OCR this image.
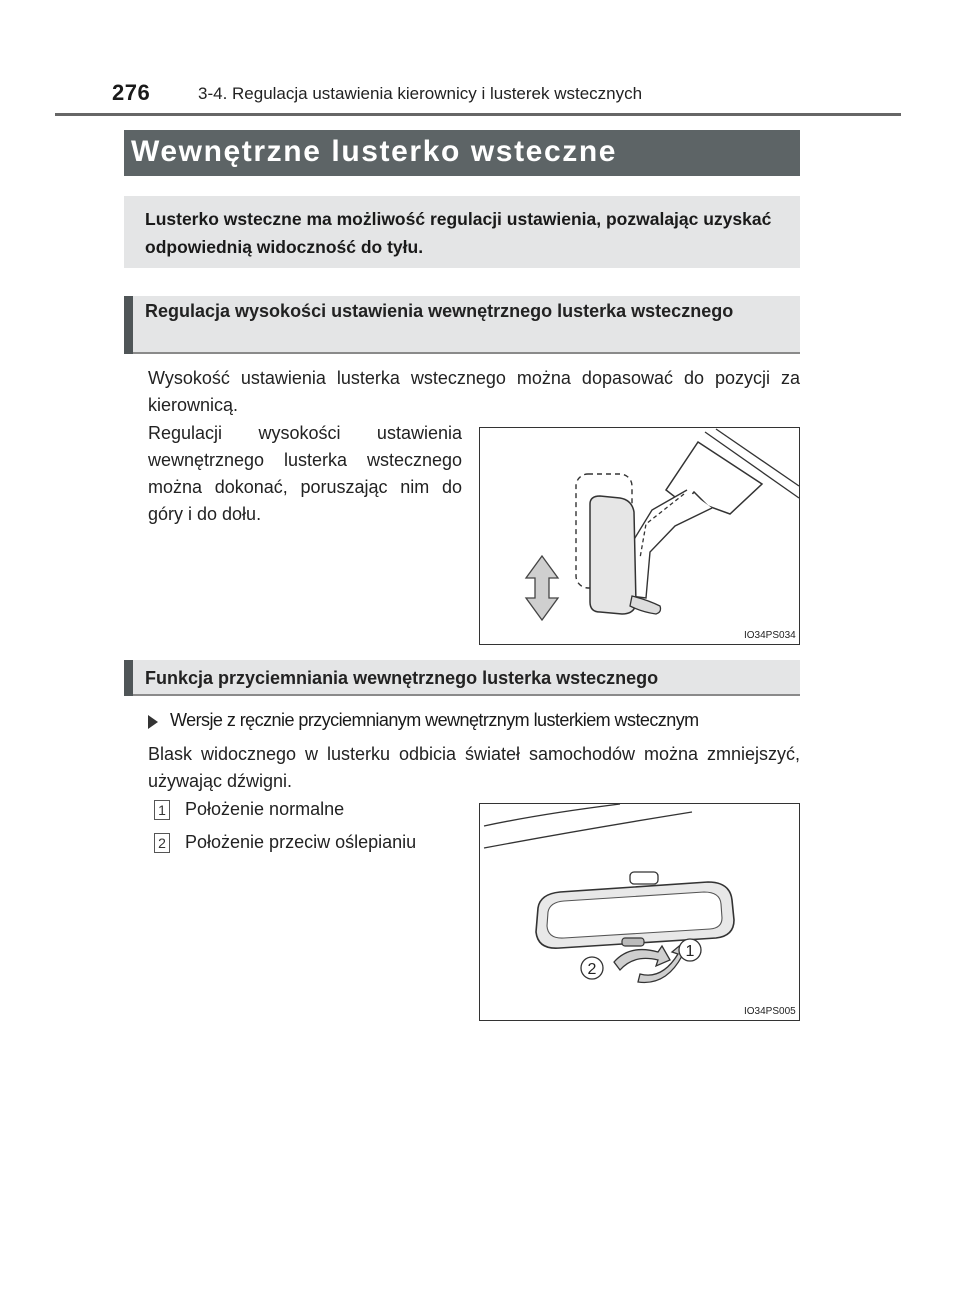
276	3-4. Regulacja ustawienia kierownicy i lusterek wstecznych
Wewnętrzne lusterko wsteczne
Lusterko wsteczne ma możliwość regulacji ustawienia, pozwalając uzyskać odpowiednią widoczność do tyłu.
Regulacja wysokości ustawienia wewnętrznego lusterka wstecznego
Wysokość ustawienia lusterka wstecznego można dopasować do pozycji za kierownicą.
Regulacji wysokości ustawienia wewnętrznego lusterka wstecznego można dokonać, poruszając nim do góry i do dołu.
IO34PS034
Funkcja przyciemniania wewnętrznego lusterka wstecznego
Wersje z ręcznie przyciemnianym wewnętrznym lusterkiem wstecznym
Blask widocznego w lusterku odbicia świateł samochodów można zmniejszyć, używając dźwigni.
1 Położenie normalne
2 Położenie przeciw oślepianiu
2
1
IO34PS005
